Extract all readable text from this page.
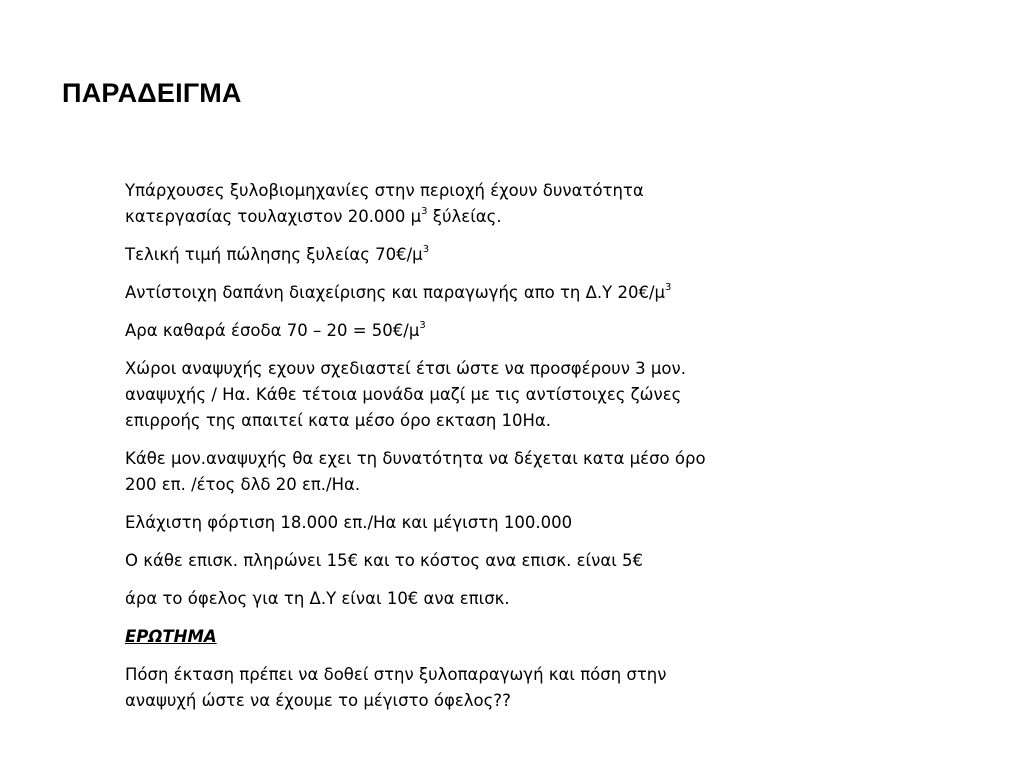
ΠΑΡΑΔΕΙΓΜΑ

Υπάρχουσες ξυλοβιομηχανίες στην περιοχή έχουν δυνατότητα
κατεργασίας τουλαχιστον 20.000 $\mu^3$ ξύλείας.

Τελική τιμή πώλησης ξυλείας $70€/\mu^3$

Αντίστοιχη δαπάνη διαχείρισης και παραγωγής απο τη Δ.Υ $20€/\mu^3$

Αρα καθαρά έσοδα $70 - 20 = 50€/\mu^3$

Χώροι αναψυχής εχουν σχεδιαστεί έτσι ώστε να προσφέρουν 3 μον.
αναψυχής / Ηα. Κάθε τέτοια μονάδα μαζί με τις αντίστοιχες ζώνες
επιρροής της απαιτεί κατα μέσο όρο εκταση 10Ηα.

Κάθε μον.αναψυχής θα εχει τη δυνατότητα να δέχεται κατα μέσο όρο
200 επ. /έτος δλδ 20 επ./Ηα.

Ελάχιστη φόρτιση 18.000 επ./Ηα και μέγιστη 100.000

Ο κάθε επισκ. πληρώνει 15€ και το κόστος ανα επισκ. είναι 5€

άρα το όφελος για τη Δ.Υ είναι 10€ ανα επισκ.

ΕΡΩΤΗΜΑ

Πόση έκταση πρέπει να δοθεί στην ξυλοπαραγωγή και πόση στην
αναψυχή ώστε να έχουμε το μέγιστο όφελος??
